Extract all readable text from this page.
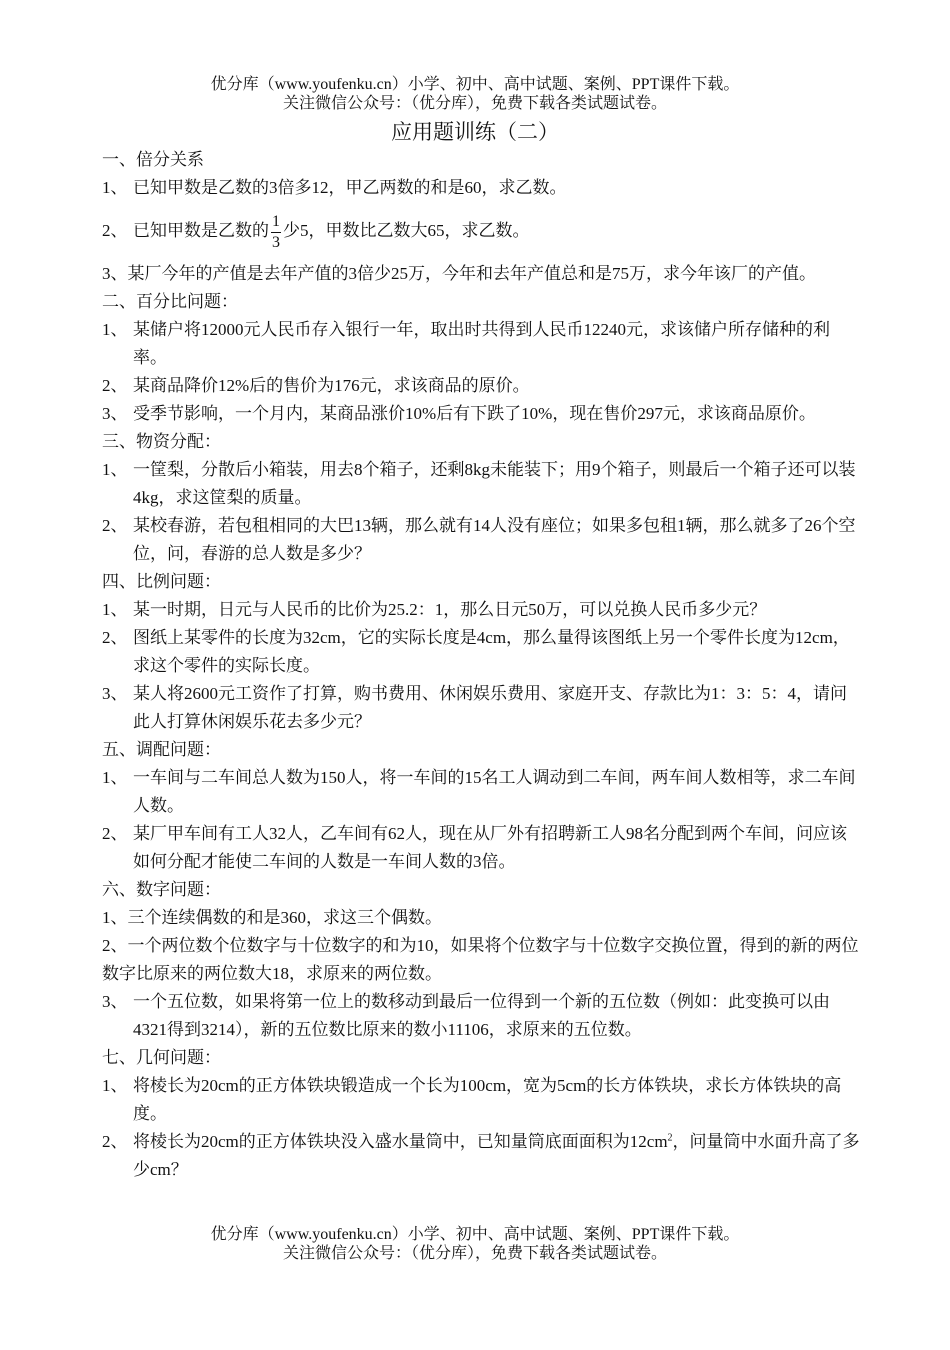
优分库（www.youfenku.cn）小学、初中、高中试题、案例、PPT课件下载。
关注微信公众号：（优分库），免费下载各类试题试卷。
应用题训练（二）
一、倍分关系
1、 已知甲数是乙数的3倍多12，甲乙两数的和是60，求乙数。
2、 已知甲数是乙数的 $\frac{1}{3}$ 少5，甲数比乙数大65，求乙数。
3、某厂今年的产值是去年产值的3倍少25万，今年和去年产值总和是75万，求今年该厂的产值。
二、百分比问题：
1、 某储户将12000元人民币存入银行一年，取出时共得到人民币12240元，求该储户所存储种的利率。
2、 某商品降价12%后的售价为176元，求该商品的原价。
3、 受季节影响，一个月内，某商品涨价10%后有下跌了10%，现在售价297元，求该商品原价。
三、物资分配：
1、 一筐梨，分散后小箱装，用去8个箱子，还剩8kg未能装下；用9个箱子，则最后一个箱子还可以装4kg，求这筐梨的质量。
2、 某校春游，若包租相同的大巴13辆，那么就有14人没有座位；如果多包租1辆，那么就多了26个空位，问，春游的总人数是多少？
四、比例问题：
1、 某一时期，日元与人民币的比价为25.2：1，那么日元50万，可以兑换人民币多少元？
2、 图纸上某零件的长度为32cm，它的实际长度是4cm，那么量得该图纸上另一个零件长度为12cm，求这个零件的实际长度。
3、 某人将2600元工资作了打算，购书费用、休闲娱乐费用、家庭开支、存款比为1：3：5：4，请问此人打算休闲娱乐花去多少元？
五、调配问题：
1、 一车间与二车间总人数为150人，将一车间的15名工人调动到二车间，两车间人数相等，求二车间人数。
2、 某厂甲车间有工人32人，乙车间有62人，现在从厂外有招聘新工人98名分配到两个车间，问应该如何分配才能使二车间的人数是一车间人数的3倍。
六、数字问题：
1、三个连续偶数的和是360，求这三个偶数。
2、一个两位数个位数字与十位数字的和为10，如果将个位数字与十位数字交换位置，得到的新的两位数字比原来的两位数大18，求原来的两位数。
3、 一个五位数，如果将第一位上的数移动到最后一位得到一个新的五位数（例如：此变换可以由4321得到3214），新的五位数比原来的数小11106，求原来的五位数。
七、几何问题：
1、 将棱长为20cm的正方体铁块锻造成一个长为100cm，宽为5cm的长方体铁块，求长方体铁块的高度。
2、 将棱长为20cm的正方体铁块没入盛水量筒中，已知量筒底面面积为$12cm^2$，问量筒中水面升高了多少cm？
优分库（www.youfenku.cn）小学、初中、高中试题、案例、PPT课件下载。
关注微信公众号：（优分库），免费下载各类试题试卷。
